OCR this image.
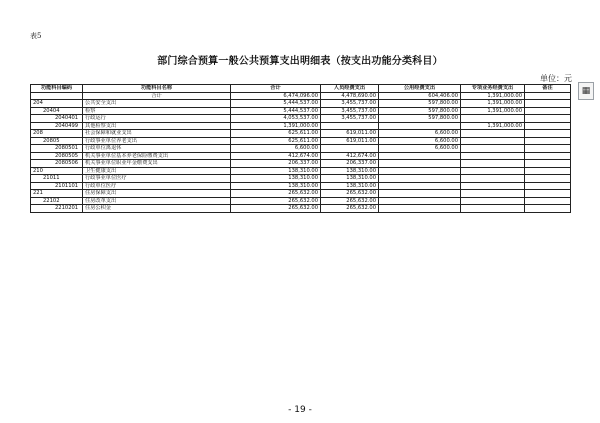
表5
部门综合预算一般公共预算支出明细表（按支出功能分类科目）
单位：元
▦
功能科目编码	功能科目名称	合计	人员经费支出	公用经费支出	专项业务经费支出	备注
	合计	6,474,096.00	4,478,690.00	604,406.00	1,391,000.00	
204	公共安全支出	5,444,537.00	3,455,737.00	597,800.00	1,391,000.00	
20404	检察	5,444,537.00	3,455,737.00	597,800.00	1,391,000.00	
2040401	行政运行	4,053,537.00	3,455,737.00	597,800.00		
2040499	其他检察支出	1,391,000.00			1,391,000.00	
208	社会保障和就业支出	625,611.00	619,011.00	6,600.00		
20805	行政事业单位养老支出	625,611.00	619,011.00	6,600.00		
2080501	行政单位离退休	6,600.00		6,600.00		
2080505	机关事业单位基本养老保险缴费支出	412,674.00	412,674.00			
2080506	机关事业单位职业年金缴费支出	206,337.00	206,337.00			
210	卫生健康支出	138,310.00	138,310.00			
21011	行政事业单位医疗	138,310.00	138,310.00			
2101101	行政单位医疗	138,310.00	138,310.00			
221	住房保障支出	265,632.00	265,632.00			
22102	住房改革支出	265,632.00	265,632.00			
2210201	住房公积金	265,632.00	265,632.00			
- 19 -
